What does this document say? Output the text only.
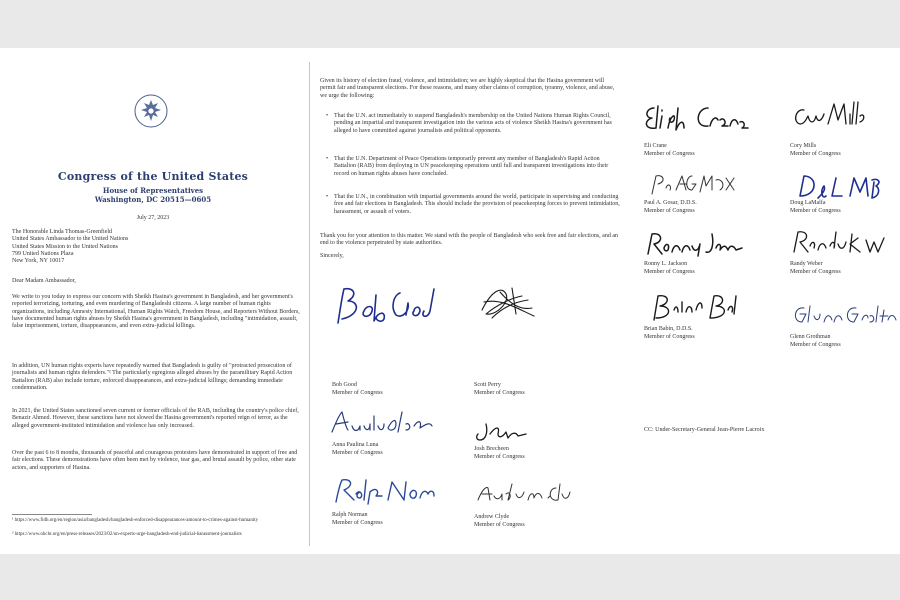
Congress of the United States
House of Representatives
Washington, DC 20515—0605
July 27, 2023
The Honorable Linda Thomas-Greenfield
United States Ambassador to the United Nations
United States Mission to the United Nations
799 United Nations Plaza
New York, NY 10017
Dear Madam Ambassador,
We write to you today to express our concern with Sheikh Hasina's government in Bangladesh, and her government's reported terrorizing, torturing, and even murdering of Bangladeshi citizens. A large number of human rights organizations, including Amnesty International, Human Rights Watch, Freedom House, and Reporters Without Borders, have documented human rights abuses by Sheikh Hasina's government in Bangladesh, including "intimidation, assault, false imprisonment, torture, disappearances, and even extra-judicial killings.
In addition, UN human rights experts have repeatedly warned that Bangladesh is guilty of "protracted prosecution of journalists and human rights defenders."² The particularly egregious alleged abuses by the paramilitary Rapid Action Battalion (RAB) also include torture, enforced disappearances, and extra-judicial killings; demanding immediate condemnation.
In 2021, the United States sanctioned seven current or former officials of the RAB, including the country's police chief, Benazir Ahmed. However, these sanctions have not slowed the Hasina government's reported reign of terror, as the alleged government-instituted intimidation and violence has only increased.
Over the past 6 to 8 months, thousands of peaceful and courageous protesters have demonstrated in support of free and fair elections. These demonstrations have often been met by violence, tear gas, and brutal assault by police, other state actors, and supporters of Hasina.
¹ https://www.fidh.org/en/region/asia/bangladesh/bangladesh-enforced-disappearances-amount-to-crimes-against-humanity
² https://www.ohchr.org/en/press-releases/2023/02/un-experts-urge-bangladesh-end-judicial-harassment-journalists
Given its history of election fraud, violence, and intimidation; we are highly skeptical that the Hasina government will permit fair and transparent elections. For these reasons, and many other claims of corruption, tyranny, violence, and abuse, we urge the following:
• That the U.N. act immediately to suspend Bangladesh's membership on the United Nations Human Rights Council, pending an impartial and transparent investigation into the various acts of violence Sheikh Hasina's government has alleged to have committed against journalists and political opponents.
• That the U.N. Department of Peace Operations temporarily prevent any member of Bangladesh's Rapid Action Battalion (RAB) from deploying in UN peacekeeping operations until full and transparent investigations into their record on human rights abuses have concluded.
• That the U.N., in combination with impartial governments around the world, participate in supervising and conducting free and fair elections in Bangladesh. This should include the provision of peacekeeping forces to prevent intimidation, harassment, or assault of voters.
Thank you for your attention to this matter. We stand with the people of Bangladesh who seek free and fair elections, and an end to the violence perpetrated by state authorities.
Sincerely,
Bob Good
Member of Congress
Scott Perry
Member of Congress
Anna Paulina Luna
Member of Congress
Josh Brecheen
Member of Congress
Ralph Norman
Member of Congress
Andrew Clyde
Member of Congress
Eli Crane
Member of Congress
Cory Mills
Member of Congress
Paul A. Gosar, D.D.S.
Member of Congress
Doug LaMalfa
Member of Congress
Ronny L. Jackson
Member of Congress
Randy Weber
Member of Congress
Brian Babin, D.D.S.
Member of Congress	Glenn Grothman
Member of Congress
CC: Under-Secretary-General Jean-Pierre Lacroix
